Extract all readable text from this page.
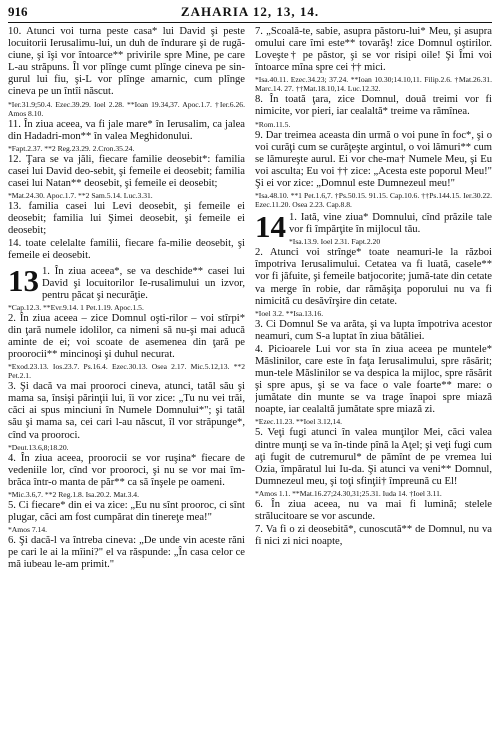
916	ZAHARIA 12, 13, 14.

10. Atunci voi turna peste casa* lui David şi peste locuitorii Ierusalimu-lui, un duh de îndurare şi de rugă-ciune, şi îşi vor întoarce** privirile spre Mine, pe care L-au străpuns. Îl vor plînge cumt plînge cineva pe sin-gurul lui fiu, şi-L vor plînge amarnic, cum plînge cineva pe un întîi născut.

*Ier.31.9;50.4. Ezec.39.29. Ioel 2.28. **Ioan 19.34,37. Apoc.1.7. †Ier.6.26. Amos 8.10.

11. În ziua aceea, va fi jale mare* în Ierusalim, ca jalea din Hadadri-mon** în valea Meghidonului.

*Fapt.2.37. **2 Reg.23.29. 2.Cron.35.24.

12. Ţara se va jăli, fiecare familie deosebit*: familia casei lui David deo-sebit, şi femeile ei deosebit; familia casei lui Natan** deosebit, şi femeile ei deosebit;

*Mat.24.30. Apoc.1.7. **2 Sam.5.14. Luc.3.31.

13. familia casei lui Levi deosebit, şi femeile ei deosebit; familia lui Şimei deosebit, şi femeile ei deosebit;

14. toate celelalte familii, fiecare fa-milie deosebit, şi femeile ei deosebit.

13 1. În ziua aceea*, se va deschide** casei lui David şi locuitorilor Ie-rusalimului un izvor, pentru păcat şi necurăţie.

*Cap.12.3. **Evr.9.14. 1 Pet.1.19. Apoc.1.5.

2. În ziua aceea – zice Domnul oşti-rilor – voi stîrpi* din ţară numele idolilor, ca nimeni să nu-şi mai aducă aminte de ei; voi scoate de asemenea din ţară pe proorocii** mincinoşi şi duhul necurat.

*Exod.23.13. Ios.23.7. Ps.16.4. Ezec.30.13. Osea 2.17. Mic.5.12,13. **2 Pet.2.1.

3. Şi dacă va mai prooroci cineva, atunci, tatăl său şi mama sa, însişi părinţii lui, îi vor zice: „Tu nu vei trăi, căci ai spus minciuni în Numele Domnului*"; şi tatăl său şi mama sa, cei cari l-au născut, îl vor străpunge*, cînd va prooroci.

*Deut.13.6,8;18.20.

4. În ziua aceea, proorocii se vor ruşina* fiecare de vedeniile lor, cînd vor prooroci, şi nu se vor mai îm-brăca într-o manta de păr** ca să înşele pe oameni.

*Mic.3.6,7. **2 Reg.1.8. Isa.20.2. Mat.3.4.

5. Ci fiecare* din ei va zice: „Eu nu sînt prooroc, ci sînt plugar, căci am fost cumpărat din tinereţe mea!"

*Amos 7.14.

6. Şi dacă-l va întreba cineva: „De unde vin aceste răni pe cari le ai la mîini?" el va răspunde: „În casa celor ce mă iubeau le-am primit."

7. „Scoală-te, sabie, asupra păstoru-lui* Meu, şi asupra omului care îmi este** tovarăş! zice Domnul oştirilor. Loveşte† pe păstor, şi se vor risipi oile! Şi Îmi voi întoarce mîna spre cei †† mici.

*Isa.40.11. Ezec.34.23; 37.24. **Ioan 10.30;14.10,11. Filip.2.6. †Mat.26.31. Marc.14. 27. ††Mat.18.10,14. Luc.12.32.

8. În toată ţara, zice Domnul, două treimi vor fi nimicite, vor pieri, iar cealaltă* treime va rămînea.

*Rom.11.5.

9. Dar treimea aceasta din urmă o voi pune în foc*, şi o voi curăţi cum se curăţeşte argintul, o voi lămuri** cum se lămureşte aurul. Ei vor che-ma† Numele Meu, şi Eu voi asculta; Eu voi †† zice: „Acesta este poporul Meu!" Şi ei vor zice: „Domnul este Dumnezeul meu!"

*Isa.48.10. **1 Pet.1.6,7. †Ps.50.15. 91.15. Cap.10.6. ††Ps.144.15. Ier.30.22. Ezec.11.20. Osea 2.23. Cap.8.8.

14 1. Iată, vine ziua* Domnului, cînd prăzile tale vor fi împărţite în mijlocul tău.

*Isa.13.9. Ioel 2.31. Fapt.2.20

2. Atunci voi strînge* toate neamuri-le la război împotriva Ierusalimului. Cetatea va fi luată, casele** vor fi jăfuite, şi femeile batjocorite; jumă-tate din cetate va merge în robie, dar rămăşiţa poporului nu va fi nimicită cu desăvîrşire din cetate.

*Ioel 3.2. **Isa.13.16.

3. Ci Domnul Se va arăta, şi va lupta împotriva acestor neamuri, cum S-a luptat în ziua bătăliei.

4. Picioarele Lui vor sta în ziua aceea pe muntele* Măslinilor, care este în faţa Ierusalimului, spre răsărit; mun-tele Măslinilor se va despica la mijloc, spre răsărit şi spre apus, şi se va face o vale foarte** mare: o jumătate din munte se va trage înapoi spre miază noapte, iar cealaltă jumătate spre miază zi.

*Ezec.11.23. **Ioel 3.12,14.

5. Veţi fugi atunci în valea munţilor Mei, căci valea dintre munţi se va în-tinde pînă la Aţel; şi veţi fugi cum aţi fugit de cutremurul* de pămînt de pe vremea lui Ozia, împăratul lui Iu-da. Şi atunci va veni** Domnul, Dumnezeul meu, şi toţi sfinţii† împreună cu El!

*Amos 1.1. **Mat.16.27;24.30,31;25.31. Iuda 14. †Ioel 3.11.

6. În ziua aceea, nu va mai fi lumină; stelele strălucitoare se vor ascunde.

7. Va fi o zi deosebită*, cunoscută** de Domnul, nu va fi nici zi nici noapte,
